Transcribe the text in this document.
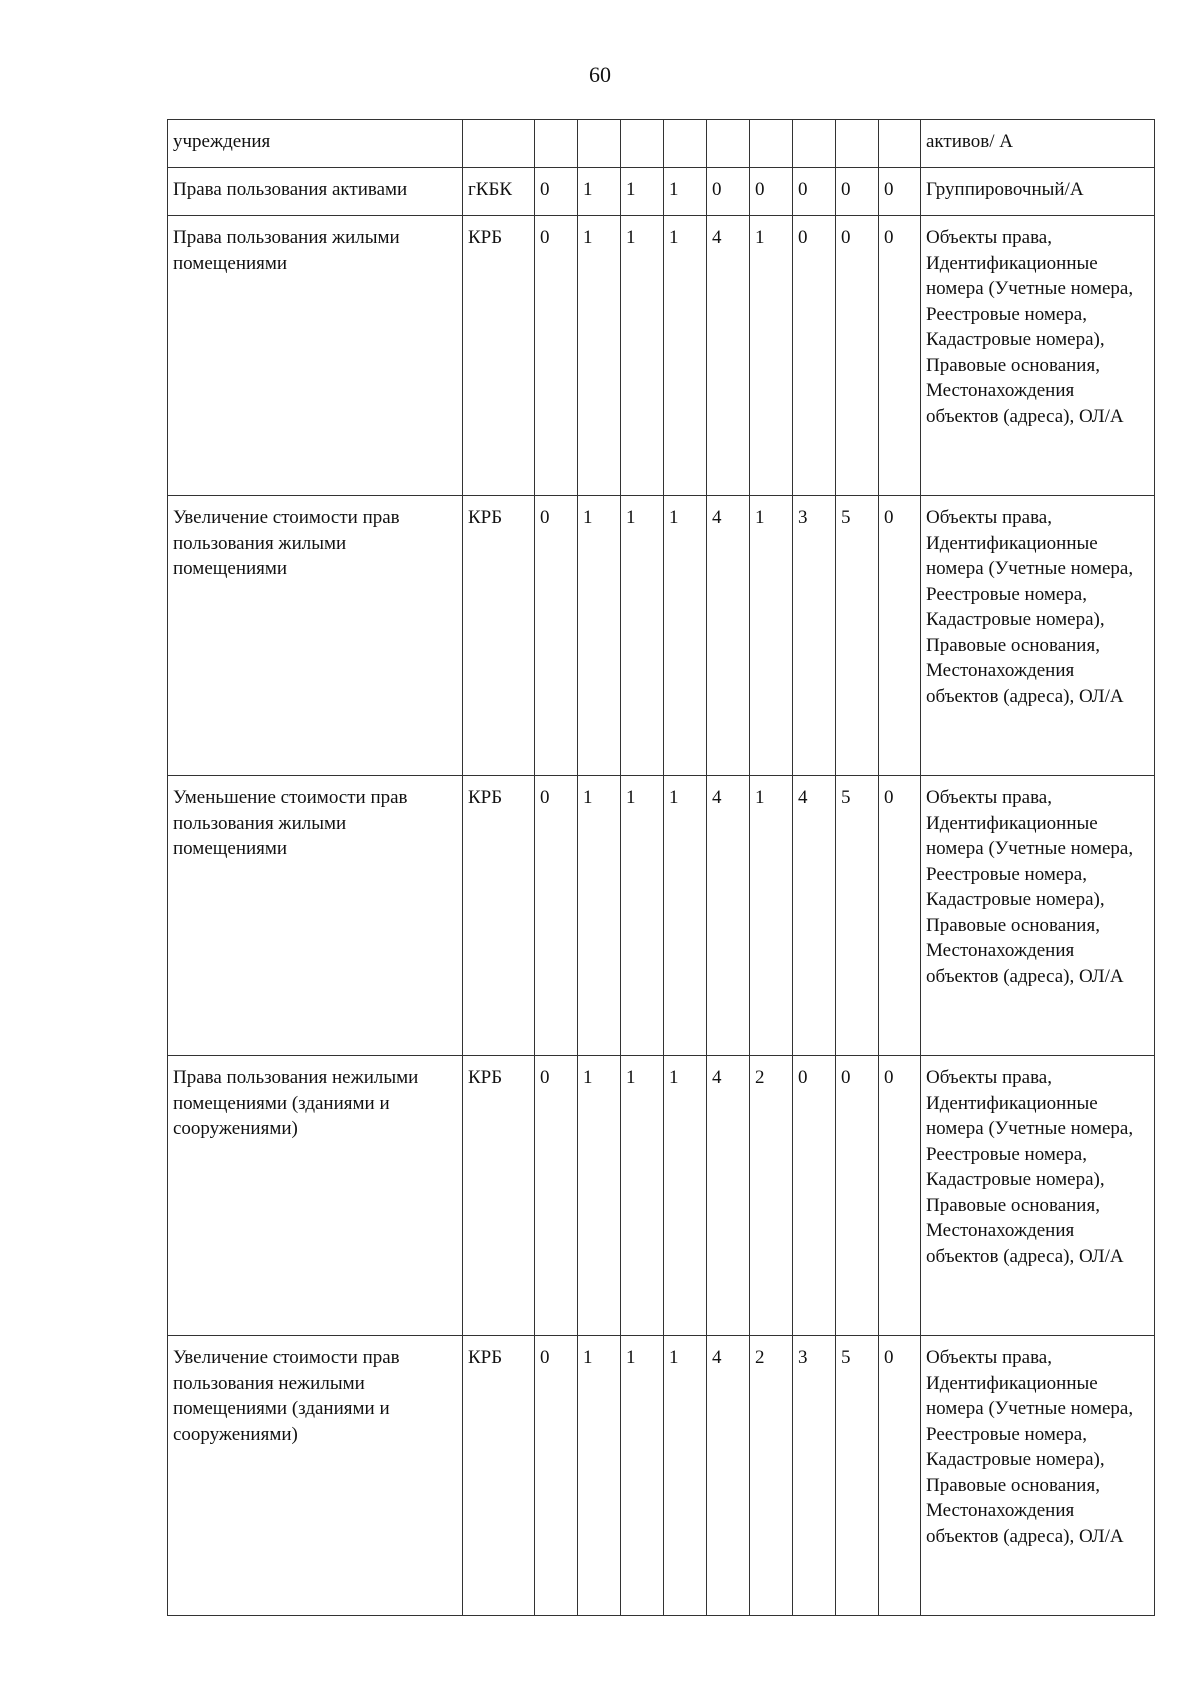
60
учреждения											активов/ А
Права пользования активами	гКБК	0	1	1	1	0	0	0	0	0	Группировочный/А
Права пользования жилыми помещениями	КРБ	0	1	1	1	4	1	0	0	0	Объекты права, Идентификационные номера (Учетные номера, Реестровые номера, Кадастровые номера), Правовые основания, Местонахождения объектов (адреса), ОЛ/А
Увеличение стоимости прав пользования жилыми помещениями	КРБ	0	1	1	1	4	1	3	5	0	Объекты права, Идентификационные номера (Учетные номера, Реестровые номера, Кадастровые номера), Правовые основания, Местонахождения объектов (адреса), ОЛ/А
Уменьшение стоимости прав пользования жилыми помещениями	КРБ	0	1	1	1	4	1	4	5	0	Объекты права, Идентификационные номера (Учетные номера, Реестровые номера, Кадастровые номера), Правовые основания, Местонахождения объектов (адреса), ОЛ/А
Права пользования нежилыми помещениями (зданиями и сооружениями)	КРБ	0	1	1	1	4	2	0	0	0	Объекты права, Идентификационные номера (Учетные номера, Реестровые номера, Кадастровые номера), Правовые основания, Местонахождения объектов (адреса), ОЛ/А
Увеличение стоимости прав пользования нежилыми помещениями (зданиями и сооружениями)	КРБ	0	1	1	1	4	2	3	5	0	Объекты права, Идентификационные номера (Учетные номера, Реестровые номера, Кадастровые номера), Правовые основания, Местонахождения объектов (адреса), ОЛ/А
